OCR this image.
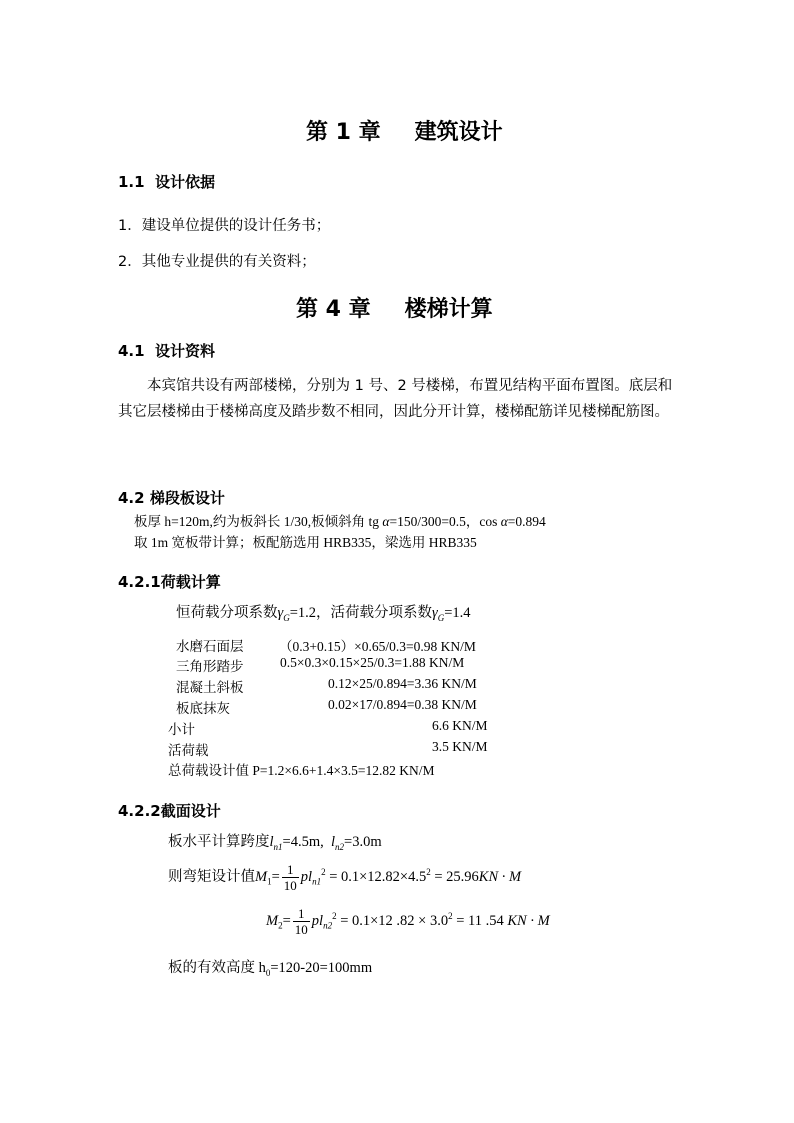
第 1 章 建筑设计
1.1 设计依据
1．建设单位提供的设计任务书；
2．其他专业提供的有关资料；
第 4 章 楼梯计算
4.1 设计资料
本宾馆共设有两部楼梯，分别为 1 号、2 号楼梯，布置见结构平面布置图。底层和其它层楼梯由于楼梯高度及踏步数不相同，因此分开计算，楼梯配筋详见楼梯配筋图。
4.2 梯段板设计
板厚 h=120m,约为板斜长 1/30,板倾斜角 tg α=150/300=0.5，cos α=0.894
取 1m 宽板带计算；板配筋选用 HRB335，梁选用 HRB335
4.2.1荷载计算
恒荷载分项系数$\gamma_G=1.2$，活荷载分项系数$\gamma_G=1.4$
水磨石面层	（0.3+0.15）×0.65/0.3=0.98 KN/M
三角形踏步	0.5×0.3×0.15×25/0.3=1.88 KN/M
混凝土斜板	0.12×25/0.894=3.36 KN/M
板底抹灰	0.02×17/0.894=0.38 KN/M
小计	6.6 KN/M
活荷载	3.5 KN/M
总荷载设计值 P=1.2×6.6+1.4×3.5=12.82 KN/M
4.2.2截面设计
板水平计算跨度$l_{n1}=4.5m$, $l_{n2}=3.0m$
则弯矩设计值$M_1= \frac{1}{10} pl_{n1}^2 = 0.1\times 12.82\times 4.5^2 = 25.96KN \cdot M$
$M_2= \frac{1}{10} pl_{n2}^2 = 0.1\times 12$ $.82 \times 3.0^2 = 11$ .54 KN · M
板的有效高度 $h_0=120-20=100mm$
